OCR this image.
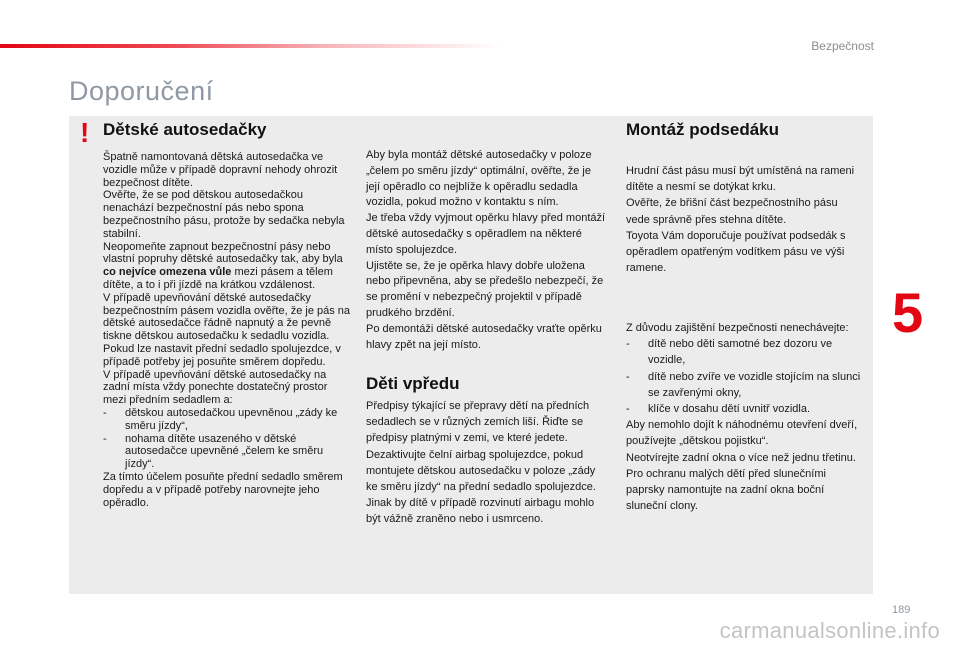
Bezpečnost
Doporučení
5
! Dětské autosedačky

Špatně namontovaná dětská autosedačka ve vozidle může v případě dopravní nehody ohrozit bezpečnost dítěte.

Ověřte, že se pod dětskou autosedačkou nenachází bezpečnostní pás nebo spona bezpečnostního pásu, protože by sedačka nebyla stabilní.

Neopomeňte zapnout bezpečnostní pásy nebo vlastní popruhy dětské autosedačky tak, aby byla co nejvíce omezena vůle mezi pásem a tělem dítěte, a to i při jízdě na krátkou vzdálenost.

V případě upevňování dětské autosedačky bezpečnostním pásem vozidla ověřte, že je pás na dětské autosedačce řádně napnutý a že pevně tiskne dětskou autosedačku k sedadlu vozidla. Pokud lze nastavit přední sedadlo spolujezdce, v případě potřeby jej posuňte směrem dopředu.

V případě upevňování dětské autosedačky na zadní místa vždy ponechte dostatečný prostor mezi předním sedadlem a:

-	dětskou autosedačkou upevněnou „zády ke směru jízdy“,
-	nohama dítěte usazeného v dětské autosedačce upevněné „čelem ke směru jízdy“.

Za tímto účelem posuňte přední sedadlo směrem dopředu a v případě potřeby narovnejte jeho opěradlo.

Aby byla montáž dětské autosedačky v poloze „čelem po směru jízdy“ optimální, ověřte, že je její opěradlo co nejblíže k opěradlu sedadla vozidla, pokud možno v kontaktu s ním.

Je třeba vždy vyjmout opěrku hlavy před montáží dětské autosedačky s opěradlem na některé místo spolujezdce.

Ujistěte se, že je opěrka hlavy dobře uložena nebo připevněna, aby se předešlo nebezpečí, že se promění v nebezpečný projektil v případě prudkého brzdění.

Po demontáži dětské autosedačky vraťte opěrku hlavy zpět na její místo.

Děti vpředu

Předpisy týkající se přepravy dětí na předních sedadlech se v různých zemích liší. Řiďte se předpisy platnými v zemi, ve které jedete.

Dezaktivujte čelní airbag spolujezdce, pokud montujete dětskou autosedačku v poloze „zády ke směru jízdy“ na přední sedadlo spolujezdce. Jinak by dítě v případě rozvinutí airbagu mohlo být vážně zraněno nebo i usmrceno.

Montáž podsedáku

Hrudní část pásu musí být umístěná na rameni dítěte a nesmí se dotýkat krku.

Ověřte, že břišní část bezpečnostního pásu vede správně přes stehna dítěte.

Toyota Vám doporučuje používat podsedák s opěradlem opatřeným vodítkem pásu ve výši ramene.

Z důvodu zajištění bezpečnosti nenechávejte:

-	dítě nebo děti samotné bez dozoru ve vozidle,
-	dítě nebo zvíře ve vozidle stojícím na slunci se zavřenými okny,
-	klíče v dosahu dětí uvnitř vozidla.

Aby nemohlo dojít k náhodnému otevření dveří, používejte „dětskou pojistku“.

Neotvírejte zadní okna o více než jednu třetinu.

Pro ochranu malých dětí před slunečními paprsky namontujte na zadní okna boční sluneční clony.

189
carmanualsonline.info
